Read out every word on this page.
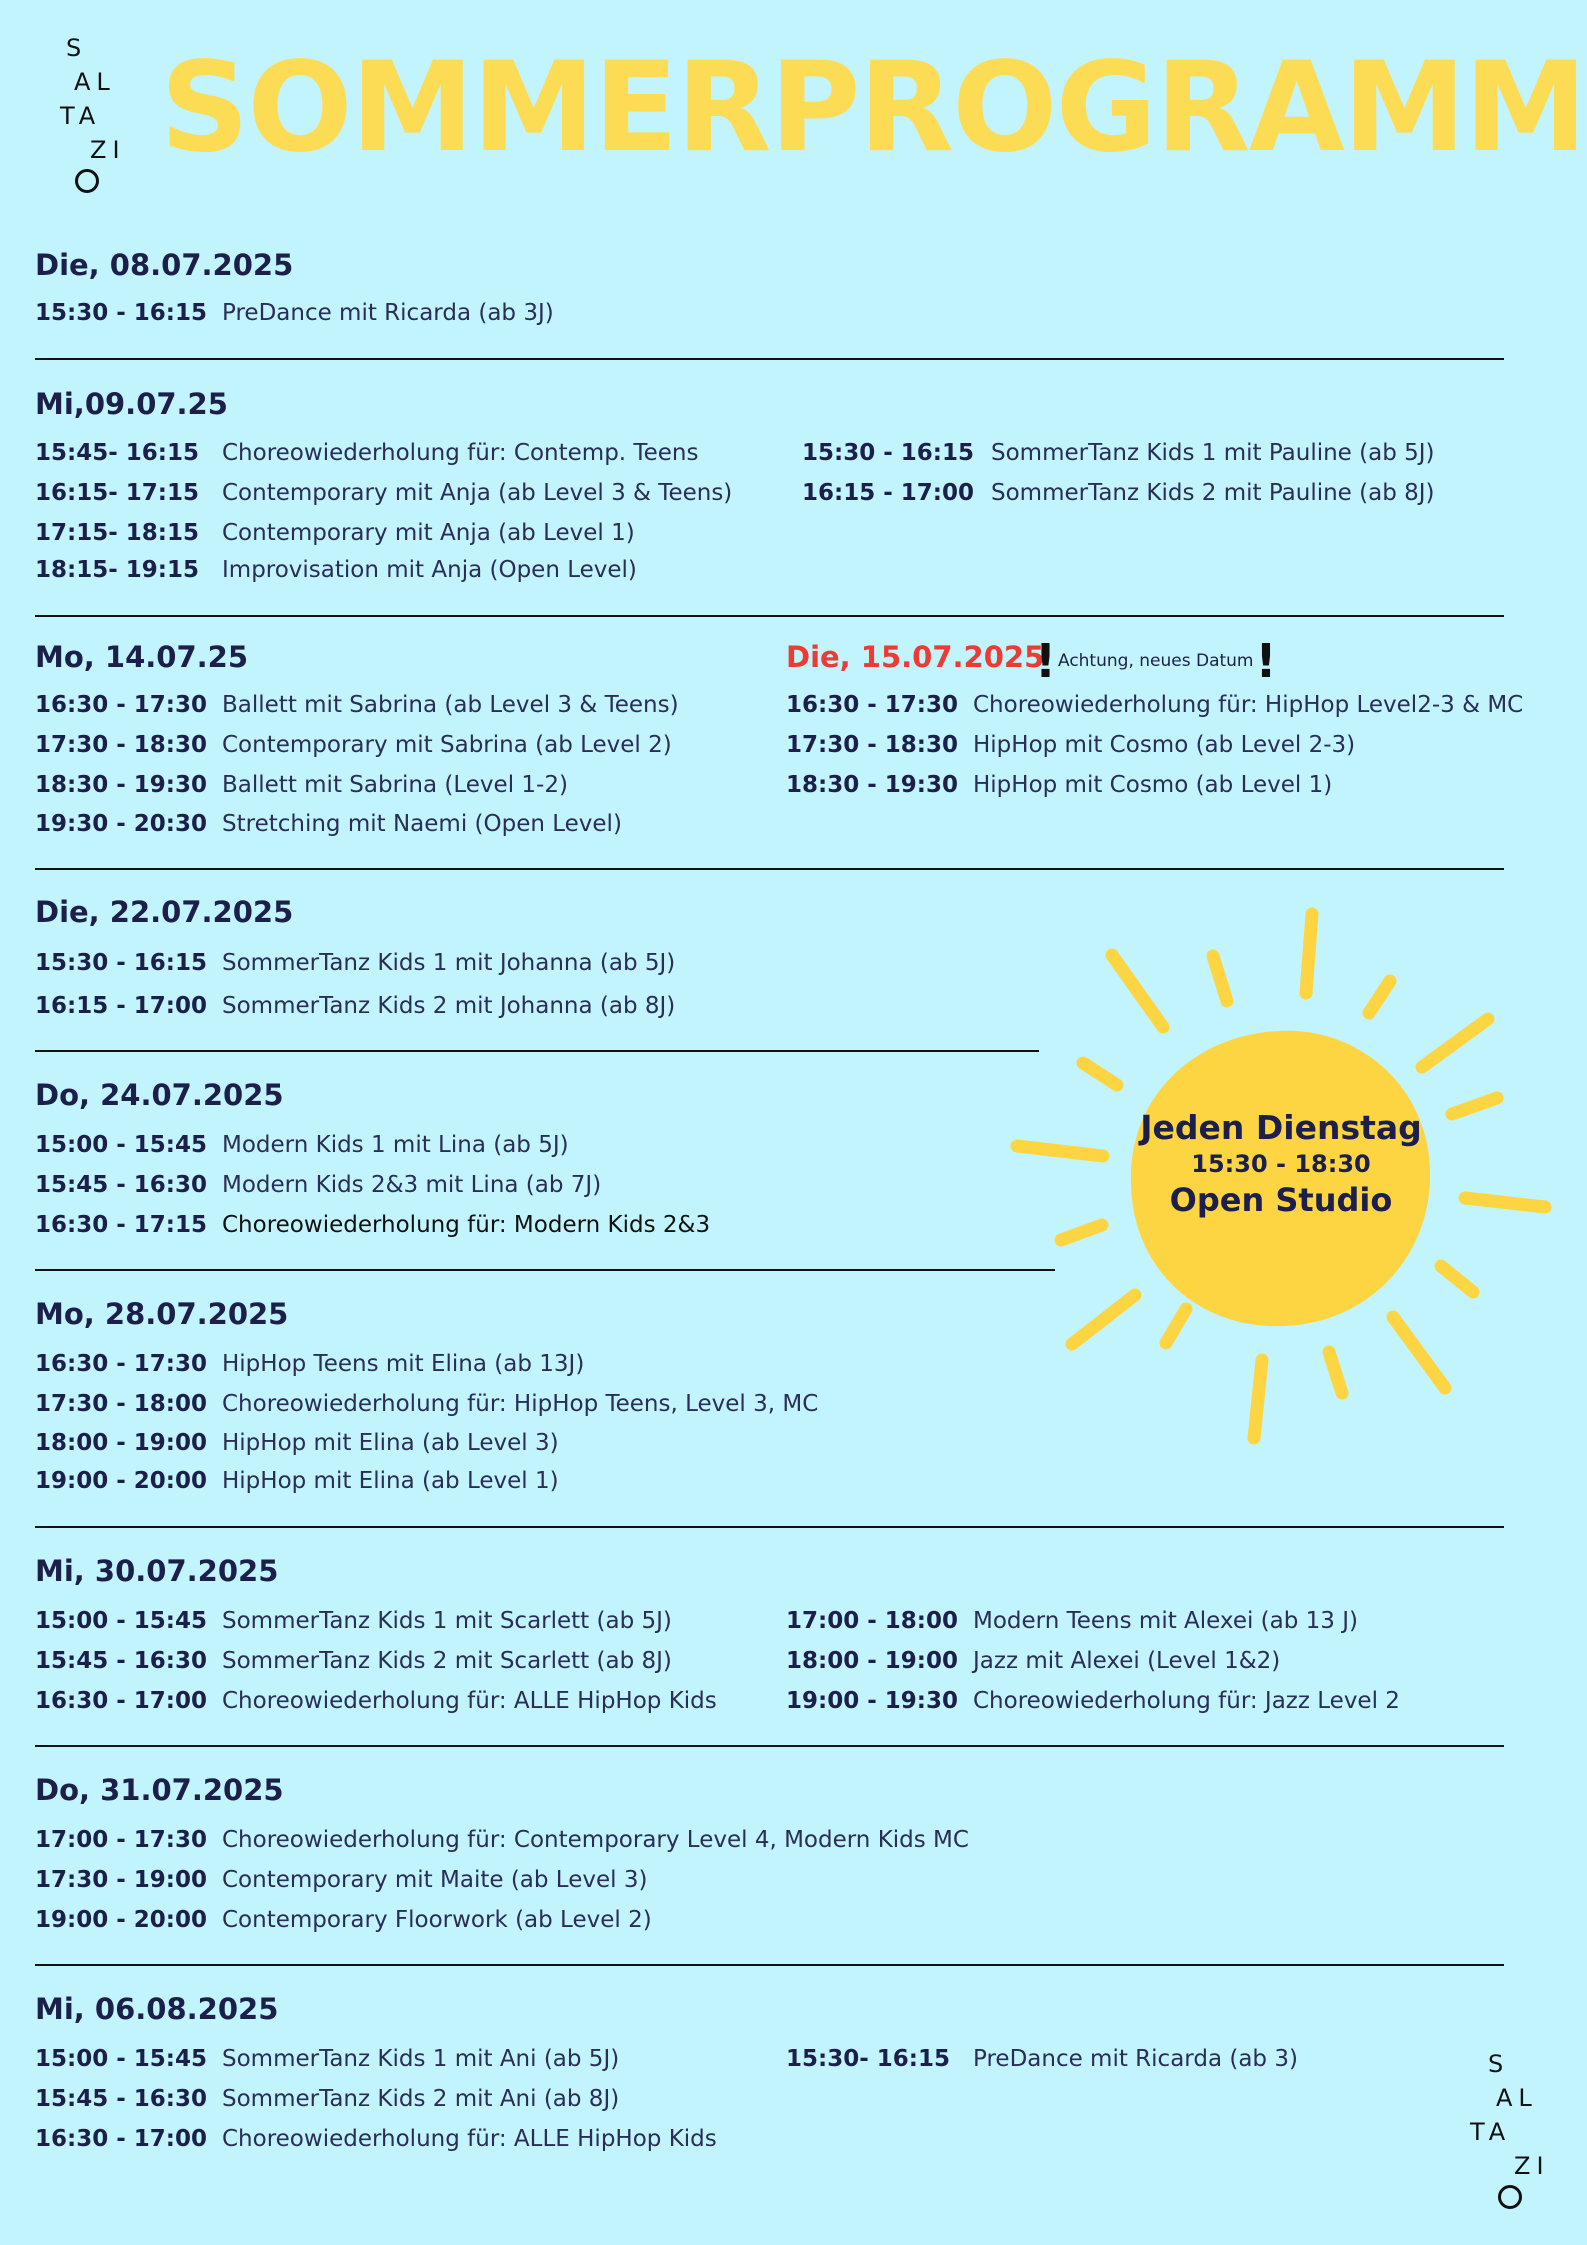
S
AL
TA
ZI SOMMERPROGRAMM
Die, 08.07.2025
15:30 - 16:15 PreDance mit Ricarda (ab 3J)
Mi,09.07.25
15:45- 16:15 Choreowiederholung für: Contemp. Teens
16:15- 17:15 Contemporary mit Anja (ab Level 3 & Teens)
17:15- 18:15 Contemporary mit Anja (ab Level 1)
18:15- 19:15 Improvisation mit Anja (Open Level)
15:30 - 16:15 SommerTanz Kids 1 mit Pauline (ab 5J)
16:15 - 17:00 SommerTanz Kids 2 mit Pauline (ab 8J)
Mo, 14.07.25
16:30 - 17:30 Ballett mit Sabrina (ab Level 3 & Teens)
17:30 - 18:30 Contemporary mit Sabrina (ab Level 2)
18:30 - 19:30 Ballett mit Sabrina (Level 1-2)
19:30 - 20:30 Stretching mit Naemi (Open Level)
Die, 15.07.2025
! Achtung, neues Datum !
16:30 - 17:30 Choreowiederholung für: HipHop Level2-3 & MC
17:30 - 18:30 HipHop mit Cosmo (ab Level 2-3)
18:30 - 19:30 HipHop mit Cosmo (ab Level 1)
Die, 22.07.2025
15:30 - 16:15 SommerTanz Kids 1 mit Johanna (ab 5J)
16:15 - 17:00 SommerTanz Kids 2 mit Johanna (ab 8J)
Do, 24.07.2025
15:00 - 15:45 Modern Kids 1 mit Lina (ab 5J)
15:45 - 16:30 Modern Kids 2&3 mit Lina (ab 7J)
16:30 - 17:15 Choreowiederholung für: Modern Kids 2&3
Mo, 28.07.2025
16:30 - 17:30 HipHop Teens mit Elina (ab 13J)
17:30 - 18:00 Choreowiederholung für: HipHop Teens, Level 3, MC
18:00 - 19:00 HipHop mit Elina (ab Level 3)
19:00 - 20:00 HipHop mit Elina (ab Level 1)
Mi, 30.07.2025
15:00 - 15:45 SommerTanz Kids 1 mit Scarlett (ab 5J)
15:45 - 16:30 SommerTanz Kids 2 mit Scarlett (ab 8J)
16:30 - 17:00 Choreowiederholung für: ALLE HipHop Kids
17:00 - 18:00 Modern Teens mit Alexei (ab 13 J)
18:00 - 19:00 Jazz mit Alexei (Level 1&2)
19:00 - 19:30 Choreowiederholung für: Jazz Level 2
Do, 31.07.2025
17:00 - 17:30 Choreowiederholung für: Contemporary Level 4, Modern Kids MC
17:30 - 19:00 Contemporary mit Maite (ab Level 3)
19:00 - 20:00 Contemporary Floorwork (ab Level 2)
Mi, 06.08.2025
15:00 - 15:45 SommerTanz Kids 1 mit Ani (ab 5J)
15:45 - 16:30 SommerTanz Kids 2 mit Ani (ab 8J)
16:30 - 17:00 Choreowiederholung für: ALLE HipHop Kids
15:30- 16:15 PreDance mit Ricarda (ab 3)
Jeden Dienstag
15:30 - 18:30
Open Studio
S
AL
TA
ZI
